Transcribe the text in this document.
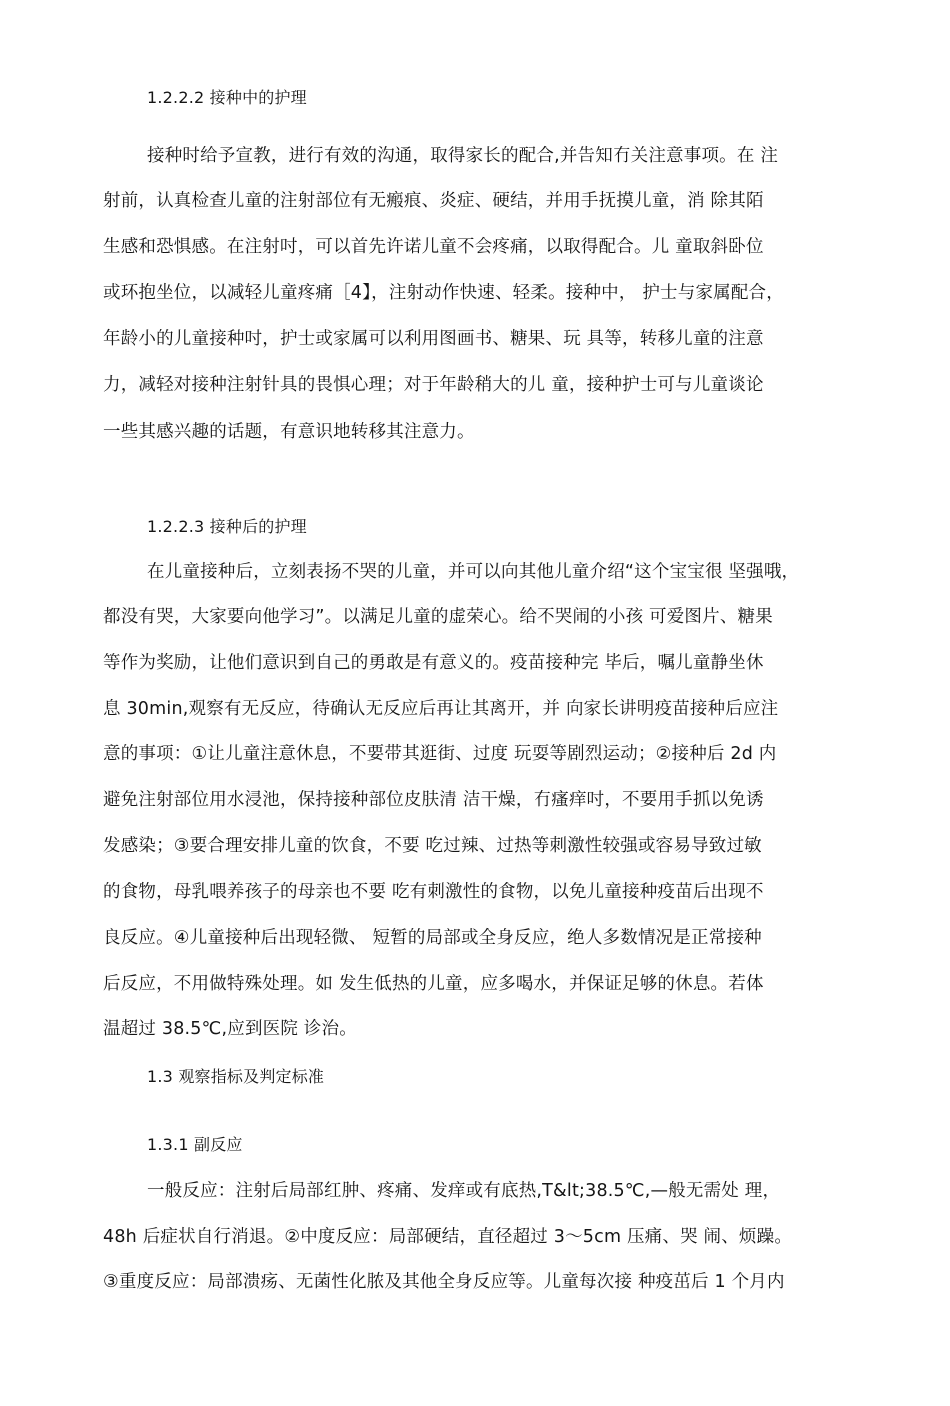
1.2.2.2 接种中的护理
接种时给予宣教，进行有效的沟通，取得家长的配合,并告知冇关注意事项。在 注
射前，认真检查儿童的注射部位有无瘢痕、炎症、硬结，并用手抚摸儿童，消 除其陌
生感和恐惧感。在注射吋，可以首先许诺儿童不会疼痛，以取得配合。儿 童取斜卧位
或环抱坐位，以减轻儿童疼痛［4】，注射动作快速、轻柔。接种中， 护士与家属配合，
年龄小的儿童接种吋，护士或家属可以利用图画书、糖果、玩 具等，转移儿童的注意
力，减轻对接种注射针具的畏惧心理；对于年龄稍大的儿 童，接种护士可与儿童谈论
一些其感兴趣的话题，有意识地转移其注意力。
1.2.2.3 接种后的护理
在儿童接种后，立刻表扬不哭的儿童，并可以向其他儿童介绍“这个宝宝很 坚强哦，
都没有哭，大家要向他学习”。以满足儿童的虚荣心。给不哭闹的小孩 可爱图片、糖果
等作为奖励，让他们意识到自己的勇敢是有意义的。疫苗接种完 毕后，嘱儿童静坐休
息 30min,观察有无反应，待确认无反应后再让其离开，并 向家长讲明疫苗接种后应注
意的事项：①让儿童注意休息，不要带其逛街、过度 玩耍等剧烈运动；②接种后 2d 内
避免注射部位用水浸池，保持接种部位皮肤清 洁干燥，冇瘙痒吋，不要用手抓以免诱
发感染；③要合理安排儿童的饮食，不要 吃过辣、过热等刺激性较强或容易导致过敏
的食物，母乳喂养孩子的母亲也不要 吃有刺激性的食物，以免儿童接种疫苗后出现不
良反应。④儿童接种后出现轻微、 短暂的局部或全身反应，绝人多数情况是正常接种
后反应，不用做特殊处理。如 发生低热的儿童，应多喝水，并保证足够的休息。若体
温超过 38.5℃,应到医院 诊治。
1.3 观察指标及判定标准
1.3.1 副反应
一般反应：注射后局部红肿、疼痛、发痒或有底热,T&lt;38.5℃,—般无需处 理，
48h 后症状自行消退。②中度反应：局部硬结，直径超过 3〜5cm 压痛、哭 闹、烦躁。
③重度反应：局部溃疡、无菌性化脓及其他全身反应等。儿童每次接 种疫茁后 1 个月内
